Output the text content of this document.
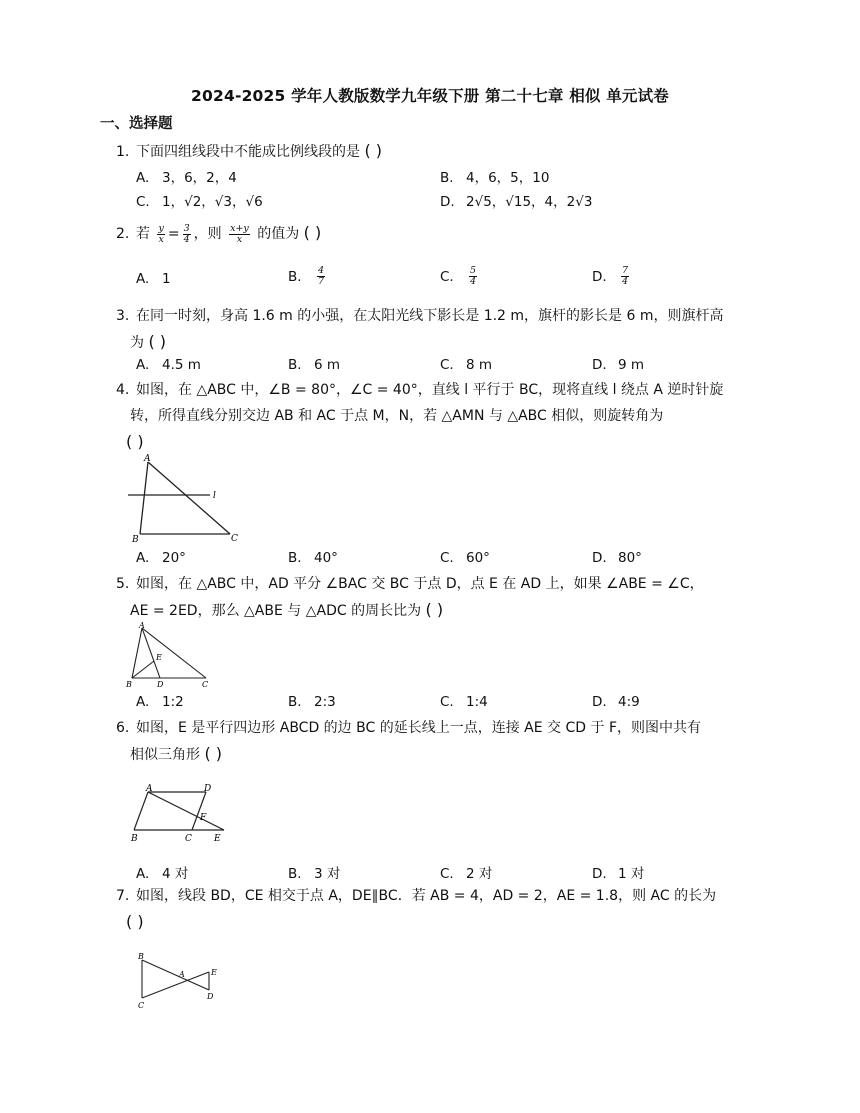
2024-2025 学年人教版数学九年级下册 第二十七章 相似 单元试卷
一、选择题
1. 下面四组线段中不能成比例线段的是 ( )
A. 3，6，2，4	B. 4，6，5，10
C. 1，√2，√3，√6	D. 2√5，√15，4，2√3
2. 若 $\frac{y}{x} = \frac{3}{4}$ ，则 $\frac{x+y}{x}$ 的值为 ( )
A. 1	B. $\frac{4}{7}$	C. $\frac{5}{4}$	D. $\frac{7}{4}$
3. 在同一时刻，身高 1.6 m 的小强，在太阳光线下影长是 1.2 m，旗杆的影长是 6 m，则旗杆高
为 ( )
A. 4.5 m	B. 6 m	C. 8 m	D. 9 m
4. 如图，在 △ABC 中，∠B = 80°，∠C = 40°，直线 l 平行于 BC，现将直线 l 绕点 A 逆时针旋
转，所得直线分别交边 AB 和 AC 于点 M，N，若 △AMN 与 △ABC 相似，则旋转角为
( )
A
B	C
l
A. 20°	B. 40°	C. 60°	D. 80°
5. 如图，在 △ABC 中，AD 平分 ∠BAC 交 BC 于点 D，点 E 在 AD 上，如果 ∠ABE = ∠C，
AE = 2ED，那么 △ABE 与 △ADC 的周长比为 ( )
A
B	D	C
E
A. 1:2	B. 2:3	C. 1:4	D. 4:9
6. 如图，E 是平行四边形 ABCD 的边 BC 的延长线上一点，连接 AE 交 CD 于 F，则图中共有
相似三角形 ( )
A	D
B	C E
F
A. 4 对	B. 3 对	C. 2 对	D. 1 对
7. 如图，线段 BD，CE 相交于点 A，DE∥BC．若 AB = 4，AD = 2，AE = 1.8，则 AC 的长为
( )
B
C
A	E
D
